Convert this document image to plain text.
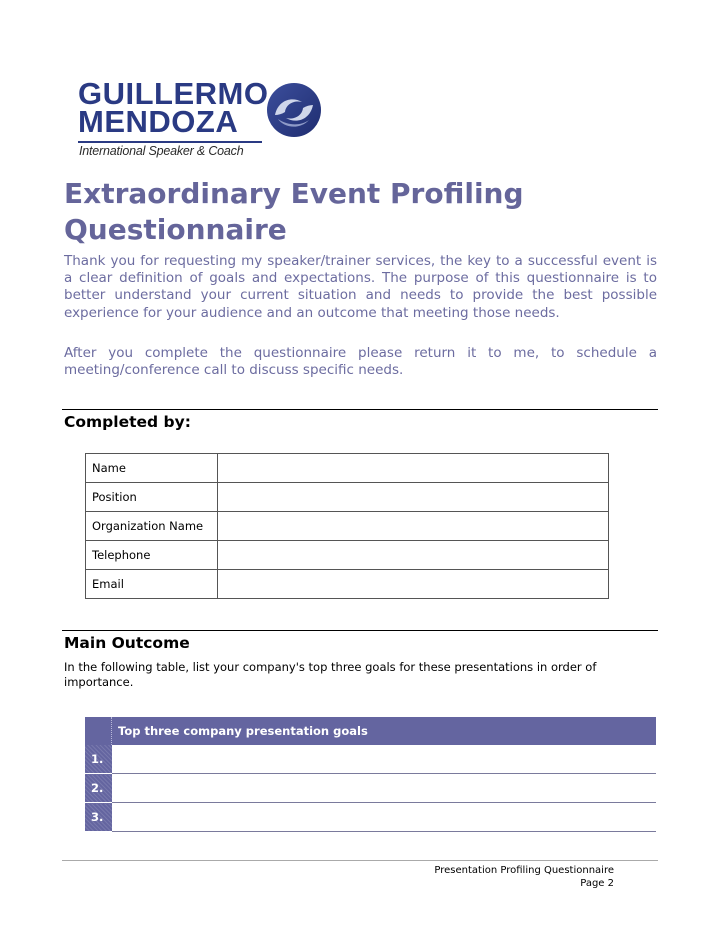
GUILLERMO
MENDOZA
International Speaker & Coach
Extraordinary Event Profiling Questionnaire

Thank you for requesting my speaker/trainer services, the key to a successful event is a clear definition of goals and expectations. The purpose of this questionnaire is to better understand your current situation and needs to provide the best possible experience for your audience and an outcome that meeting those needs.

After you complete the questionnaire please return it to me, to schedule a meeting/conference call to discuss specific needs.

Completed by:
Name	
Position	
Organization Name	
Telephone	
Email	
Main Outcome

In the following table, list your company's top three goals for these presentations in order of importance.

	Top three company presentation goals
1.	
2.	
3.	
Presentation Profiling Questionnaire
Page 2
